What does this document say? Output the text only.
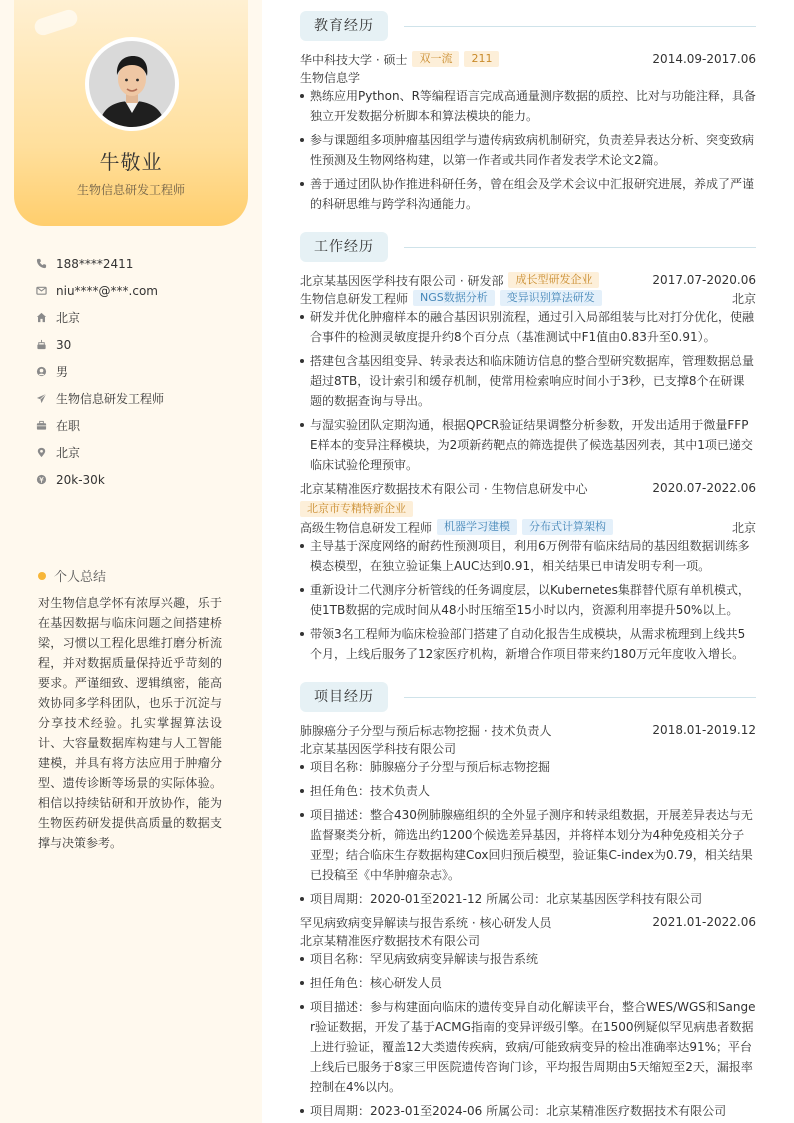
牛敬业
生物信息研发工程师
188****2411
niu****@***.com
北京
30
男
生物信息研发工程师
在职
北京
20k-30k
个人总结

对生物信息学怀有浓厚兴趣，乐于在基因数据与临床问题之间搭建桥梁，习惯以工程化思维打磨分析流程，并对数据质量保持近乎苛刻的要求。严谨细致、逻辑缜密，能高效协同多学科团队，也乐于沉淀与分享技术经验。扎实掌握算法设计、大容量数据库构建与人工智能建模，并具有将方法应用于肿瘤分型、遗传诊断等场景的实际体验。相信以持续钻研和开放协作，能为生物医药研发提供高质量的数据支撑与决策参考。

教育经历
华中科技大学 · 硕士	双一流	211	2014.09-2017.06
生物信息学
熟练应用Python、R等编程语言完成高通量测序数据的质控、比对与功能注释，具备独立开发数据分析脚本和算法模块的能力。
参与课题组多项肿瘤基因组学与遗传病致病机制研究，负责差异表达分析、突变致病性预测及生物网络构建，以第一作者或共同作者发表学术论文2篇。
善于通过团队协作推进科研任务，曾在组会及学术会议中汇报研究进展，养成了严谨的科研思维与跨学科沟通能力。
工作经历
北京某基因医学科技有限公司 · 研发部	成长型研发企业	2017.07-2020.06
生物信息研发工程师	NGS数据分析	变异识别算法研发	北京
研发并优化肿瘤样本的融合基因识别流程，通过引入局部组装与比对打分优化，使融合事件的检测灵敏度提升约8个百分点（基准测试中F1值由0.83升至0.91）。
搭建包含基因组变异、转录表达和临床随访信息的整合型研究数据库，管理数据总量超过8TB，设计索引和缓存机制，使常用检索响应时间小于3秒，已支撑8个在研课题的数据查询与导出。
与湿实验团队定期沟通，根据QPCR验证结果调整分析参数，开发出适用于微量FFPE样本的变异注释模块，为2项新药靶点的筛选提供了候选基因列表，其中1项已递交临床试验伦理预审。
北京某精准医疗数据技术有限公司 · 生物信息研发中心	2020.07-2022.06
北京市专精特新企业
高级生物信息研发工程师	机器学习建模	分布式计算架构	北京
主导基于深度网络的耐药性预测项目，利用6万例带有临床结局的基因组数据训练多模态模型，在独立验证集上AUC达到0.91，相关结果已申请发明专利一项。
重新设计二代测序分析管线的任务调度层，以Kubernetes集群替代原有单机模式，使1TB数据的完成时间从48小时压缩至15小时以内，资源利用率提升50%以上。
带领3名工程师为临床检验部门搭建了自动化报告生成模块，从需求梳理到上线共5个月，上线后服务了12家医疗机构，新增合作项目带来约180万元年度收入增长。
项目经历
肺腺癌分子分型与预后标志物挖掘 · 技术负责人	2018.01-2019.12
北京某基因医学科技有限公司
项目名称：肺腺癌分子分型与预后标志物挖掘
担任角色：技术负责人
项目描述：整合430例肺腺癌组织的全外显子测序和转录组数据，开展差异表达与无监督聚类分析，筛选出约1200个候选差异基因，并将样本划分为4种免疫相关分子亚型；结合临床生存数据构建Cox回归预后模型，验证集C-index为0.79，相关结果已投稿至《中华肿瘤杂志》。
项目周期：2020-01至2021-12 所属公司：北京某基因医学科技有限公司
罕见病致病变异解读与报告系统 · 核心研发人员	2021.01-2022.06
北京某精准医疗数据技术有限公司
项目名称：罕见病致病变异解读与报告系统
担任角色：核心研发人员
项目描述：参与构建面向临床的遗传变异自动化解读平台，整合WES/WGS和Sanger验证数据，开发了基于ACMG指南的变异评级引擎。在1500例疑似罕见病患者数据上进行验证，覆盖12大类遗传疾病，致病/可能致病变异的检出准确率达91%；平台上线后已服务于8家三甲医院遗传咨询门诊，平均报告周期由5天缩短至2天，漏报率控制在4%以内。
项目周期：2023-01至2024-06 所属公司：北京某精准医疗数据技术有限公司
